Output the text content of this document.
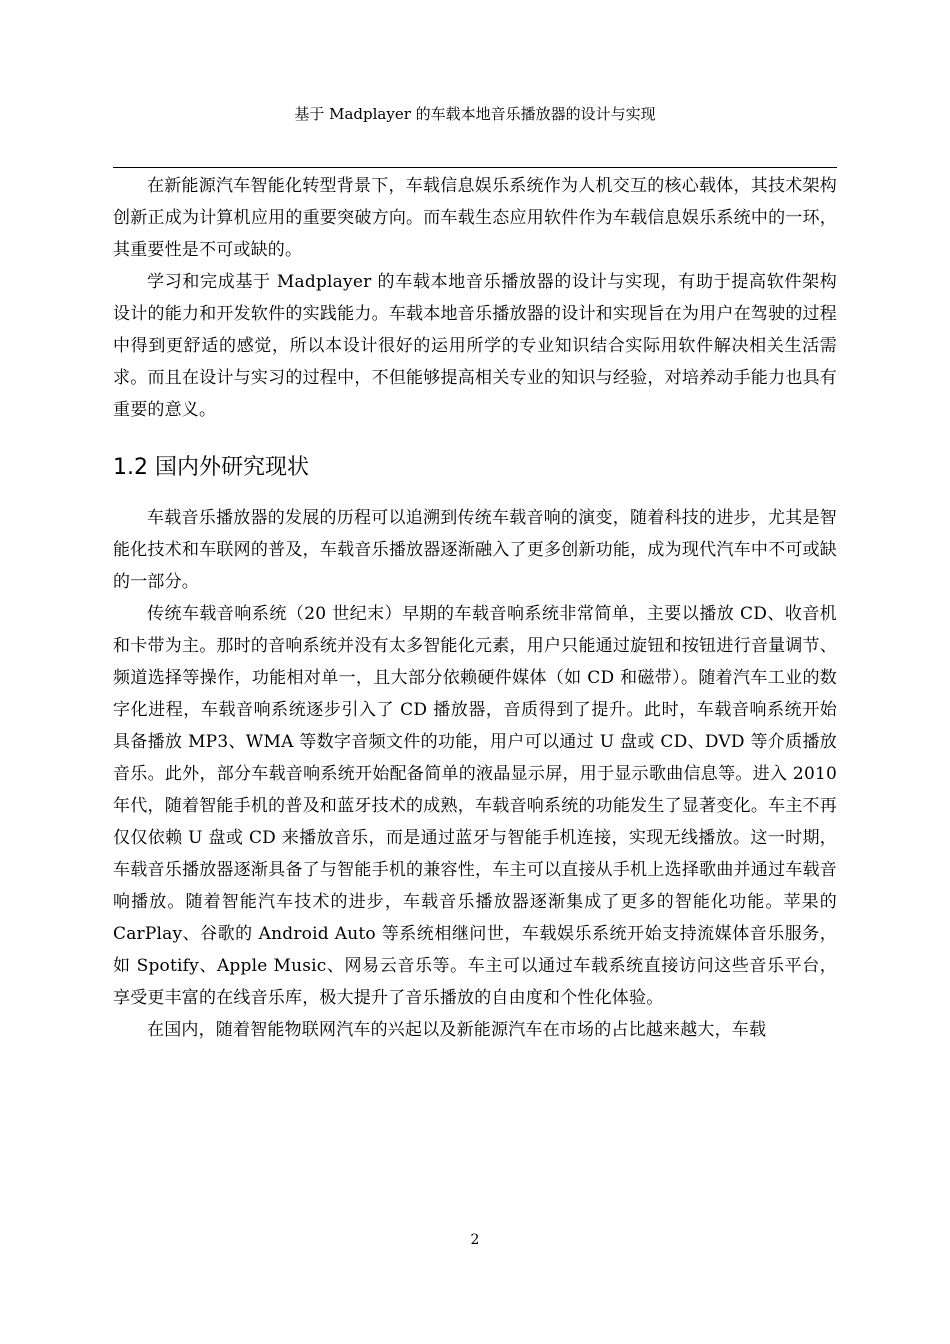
基于 Madplayer 的车载本地音乐播放器的设计与实现

在新能源汽车智能化转型背景下，车载信息娱乐系统作为人机交互的核心载体，其技术架构创新正成为计算机应用的重要突破方向。而车载生态应用软件作为车载信息娱乐系统中的一环，其重要性是不可或缺的。

学习和完成基于 Madplayer 的车载本地音乐播放器的设计与实现，有助于提高软件架构设计的能力和开发软件的实践能力。车载本地音乐播放器的设计和实现旨在为用户在驾驶的过程中得到更舒适的感觉，所以本设计很好的运用所学的专业知识结合实际用软件解决相关生活需求。而且在设计与实习的过程中，不但能够提高相关专业的知识与经验，对培养动手能力也具有重要的意义。

1.2 国内外研究现状

车载音乐播放器的发展的历程可以追溯到传统车载音响的演变，随着科技的进步，尤其是智能化技术和车联网的普及，车载音乐播放器逐渐融入了更多创新功能，成为现代汽车中不可或缺的一部分。

传统车载音响系统（20 世纪末）早期的车载音响系统非常简单，主要以播放 CD、收音机和卡带为主。那时的音响系统并没有太多智能化元素，用户只能通过旋钮和按钮进行音量调节、频道选择等操作，功能相对单一，且大部分依赖硬件媒体（如 CD 和磁带）。随着汽车工业的数字化进程，车载音响系统逐步引入了 CD 播放器，音质得到了提升。此时，车载音响系统开始具备播放 MP3、WMA 等数字音频文件的功能，用户可以通过 U 盘或 CD、DVD 等介质播放音乐。此外，部分车载音响系统开始配备简单的液晶显示屏，用于显示歌曲信息等。进入 2010 年代，随着智能手机的普及和蓝牙技术的成熟，车载音响系统的功能发生了显著变化。车主不再仅仅依赖 U 盘或 CD 来播放音乐，而是通过蓝牙与智能手机连接，实现无线播放。这一时期，车载音乐播放器逐渐具备了与智能手机的兼容性，车主可以直接从手机上选择歌曲并通过车载音响播放。随着智能汽车技术的进步，车载音乐播放器逐渐集成了更多的智能化功能。苹果的 CarPlay、谷歌的 Android Auto 等系统相继问世，车载娱乐系统开始支持流媒体音乐服务，如 Spotify、Apple Music、网易云音乐等。车主可以通过车载系统直接访问这些音乐平台，享受更丰富的在线音乐库，极大提升了音乐播放的自由度和个性化体验。

在国内，随着智能物联网汽车的兴起以及新能源汽车在市场的占比越来越大，车载

2
